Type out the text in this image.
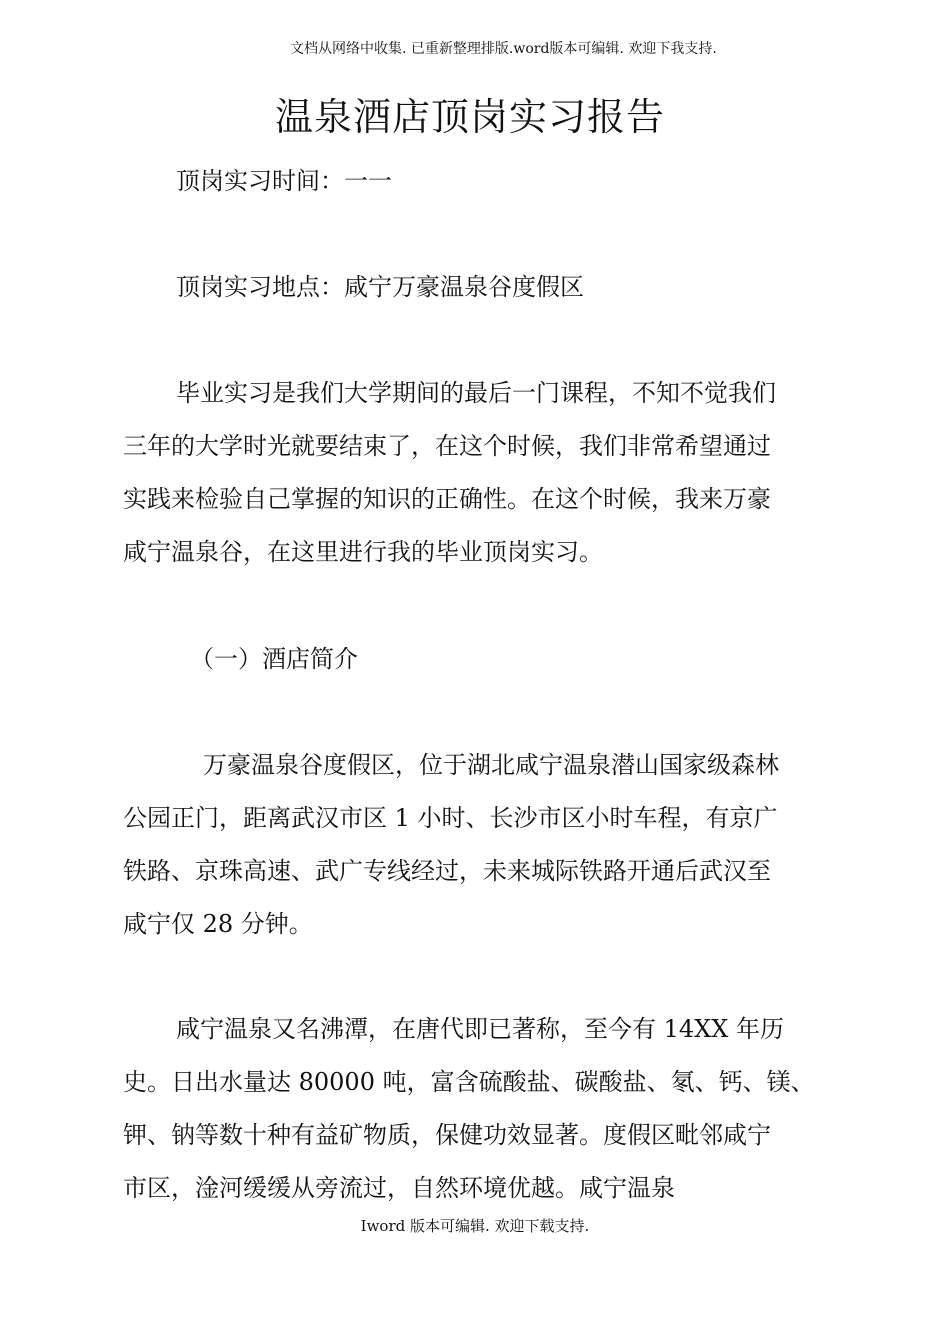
文档从网络中收集. 已重新整理排版.word版本可编辑. 欢迎下我支持.
温泉酒店顶岗实习报告
顶岗实习时间：一一
顶岗实习地点：咸宁万豪温泉谷度假区
毕业实习是我们大学期间的最后一门课程，不知不觉我们
三年的大学时光就要结束了，在这个时候，我们非常希望通过
实践来检验自己掌握的知识的正确性。在这个时候，我来万豪
咸宁温泉谷，在这里进行我的毕业顶岗实习。
（一）酒店简介
万豪温泉谷度假区，位于湖北咸宁温泉潜山国家级森林
公园正门，距离武汉市区 1 小时、长沙市区小时车程，有京广
铁路、京珠高速、武广专线经过，未来城际铁路开通后武汉至
咸宁仅 28 分钟。
咸宁温泉又名沸潭，在唐代即已著称，至今有 14XX 年历
史。日出水量达 80000 吨，富含硫酸盐、碳酸盐、氡、钙、镁、
钾、钠等数十种有益矿物质，保健功效显著。度假区毗邻咸宁
市区，淦河缓缓从旁流过，自然环境优越。咸宁温泉
Iword 版本可编辑. 欢迎下载支持.
